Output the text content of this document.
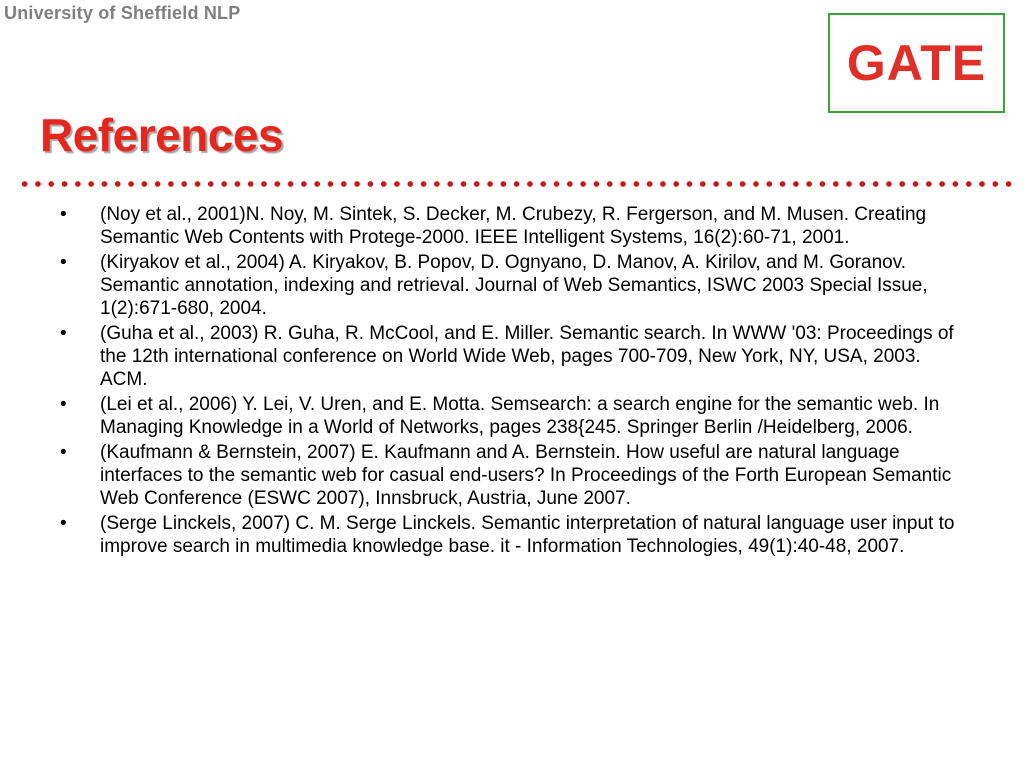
University of Sheffield NLP
GATE
References
• (Noy et al., 2001)N. Noy, M. Sintek, S. Decker, M. Crubezy, R. Fergerson, and M. Musen. Creating Semantic Web Contents with Protege-2000. IEEE Intelligent Systems, 16(2):60-71, 2001.
• (Kiryakov et al., 2004) A. Kiryakov, B. Popov, D. Ognyano, D. Manov, A. Kirilov, and M. Goranov. Semantic annotation, indexing and retrieval. Journal of Web Semantics, ISWC 2003 Special Issue, 1(2):671-680, 2004.
• (Guha et al., 2003) R. Guha, R. McCool, and E. Miller. Semantic search. In WWW '03: Proceedings of the 12th international conference on World Wide Web, pages 700-709, New York, NY, USA, 2003. ACM.
• (Lei et al., 2006) Y. Lei, V. Uren, and E. Motta. Semsearch: a search engine for the semantic web. In Managing Knowledge in a World of Networks, pages 238{245. Springer Berlin /Heidelberg, 2006.
• (Kaufmann & Bernstein, 2007) E. Kaufmann and A. Bernstein. How useful are natural language interfaces to the semantic web for casual end-users? In Proceedings of the Forth European Semantic Web Conference (ESWC 2007), Innsbruck, Austria, June 2007.
• (Serge Linckels, 2007) C. M. Serge Linckels. Semantic interpretation of natural language user input to improve search in multimedia knowledge base. it - Information Technologies, 49(1):40-48, 2007.
